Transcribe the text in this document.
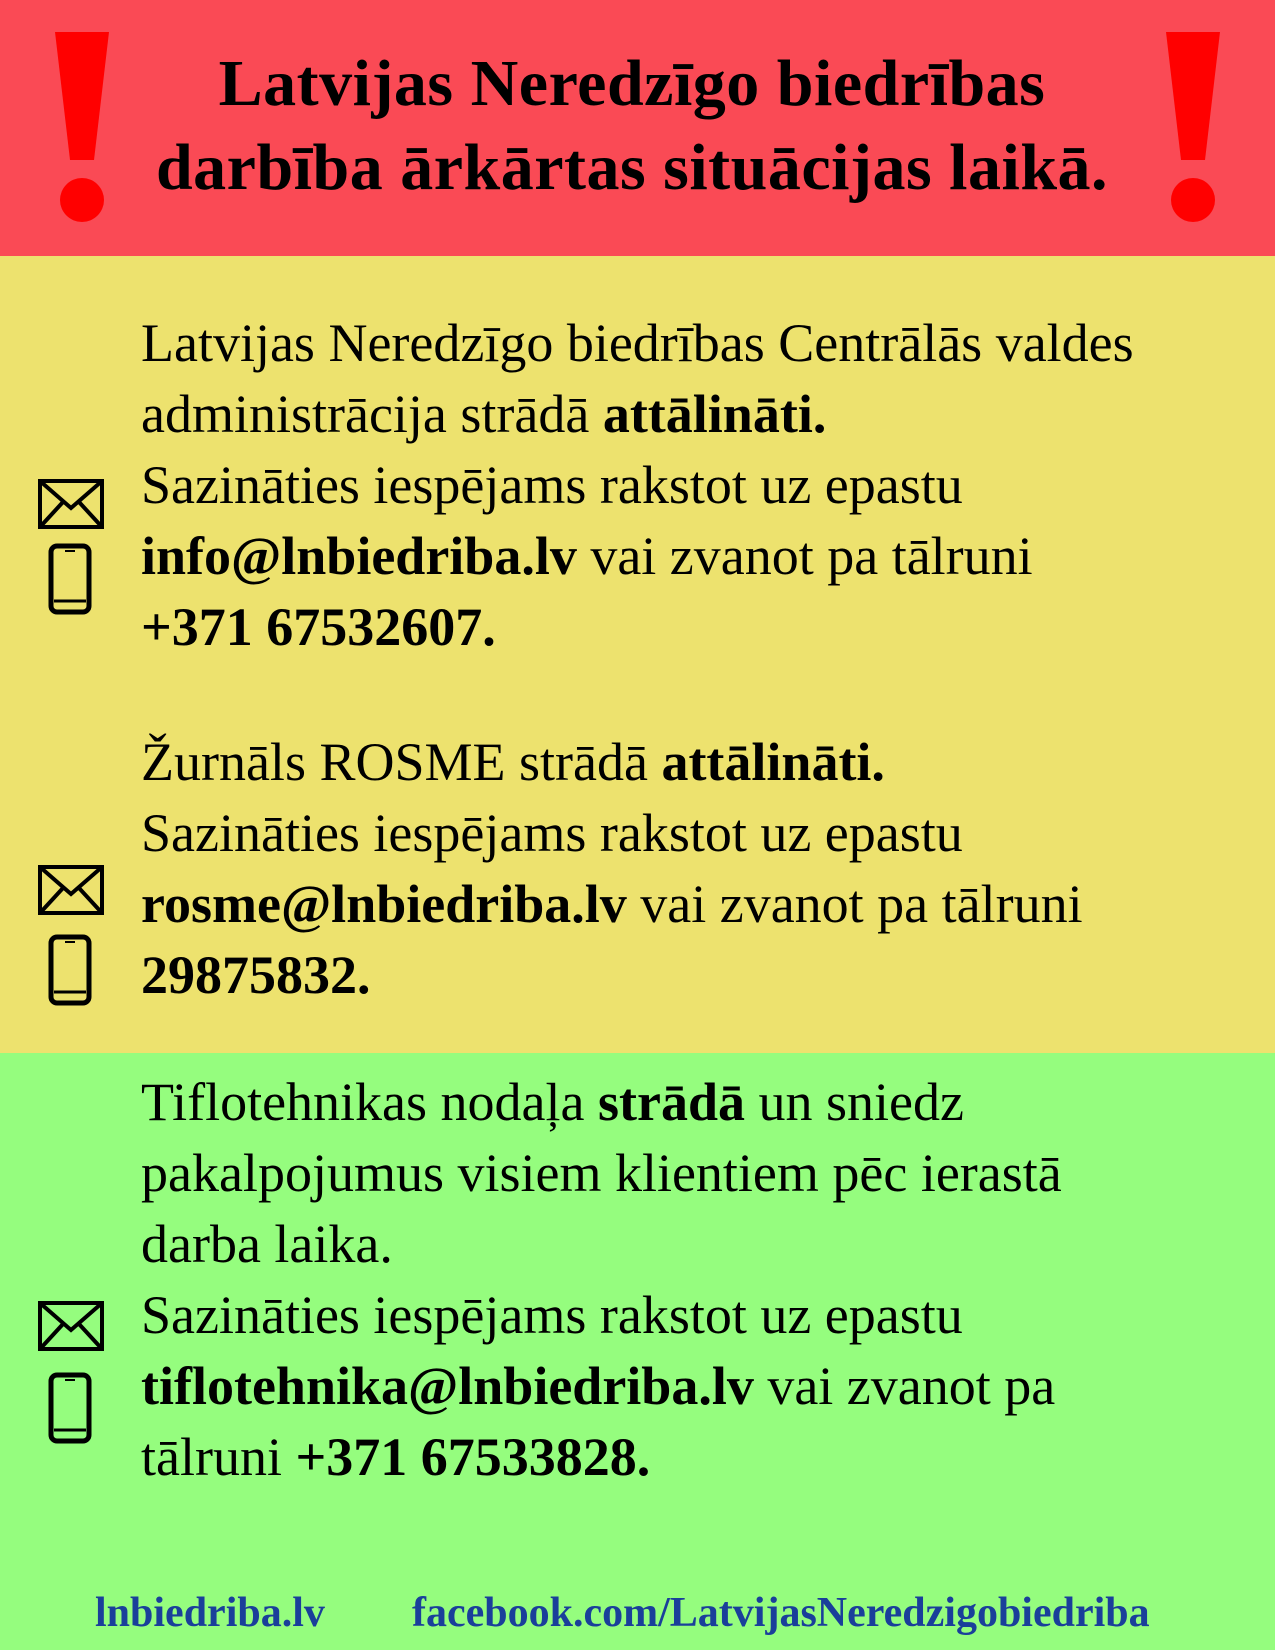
Latvijas Neredzīgo biedrības
darbība ārkārtas situācijas laikā.
Latvijas Neredzīgo biedrības Centrālās valdes
administrācija strādā attālināti.
Sazināties iespējams rakstot uz epastu
info@lnbiedriba.lv vai zvanot pa tālruni
+371 67532607.
Žurnāls ROSME strādā attālināti.
Sazināties iespējams rakstot uz epastu
rosme@lnbiedriba.lv vai zvanot pa tālruni
29875832.
Tiflotehnikas nodaļa strādā un sniedz
pakalpojumus visiem klientiem pēc ierastā
darba laika.
Sazināties iespējams rakstot uz epastu
tiflotehnika@lnbiedriba.lv vai zvanot pa
tālruni +371 67533828.
lnbiedriba.lv facebook.com/LatvijasNeredzigobiedriba
